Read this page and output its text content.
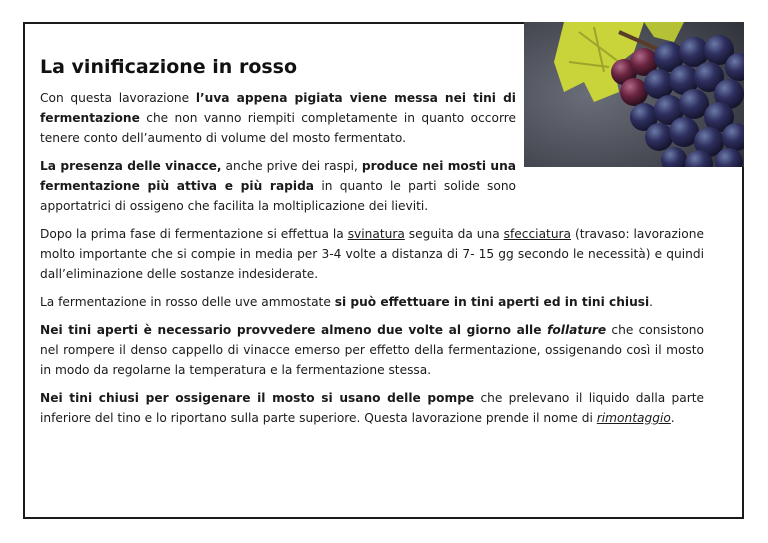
La vinificazione in rosso

Con questa lavorazione l’uva appena pigiata viene messa nei tini di fermentazione che non vanno riempiti completamente in quanto occorre tenere conto dell’aumento di volume del mosto fermentato.

La presenza delle vinacce, anche prive dei raspi, produce nei mosti una fermentazione più attiva e più rapida in quanto le parti solide sono apportatrici di ossigeno che facilita la moltiplicazione dei lieviti.

Dopo la prima fase di fermentazione si effettua la svinatura seguita da una sfecciatura (travaso: lavorazione molto importante che si compie in media per 3-4 volte a distanza di 7- 15 gg secondo le necessità) e quindi dall’eliminazione delle sostanze indesiderate.

La fermentazione in rosso delle uve ammostate si può effettuare in tini aperti ed in tini chiusi.

Nei tini aperti è necessario provvedere almeno due volte al giorno alle follature che consistono nel rompere il denso cappello di vinacce emerso per effetto della fermentazione, ossigenando così il mosto in modo da regolarne la temperatura e la fermentazione stessa.

Nei tini chiusi per ossigenare il mosto si usano delle pompe che prelevano il liquido dalla parte inferiore del tino e lo riportano sulla parte superiore. Questa lavorazione prende il nome di rimontaggio.
